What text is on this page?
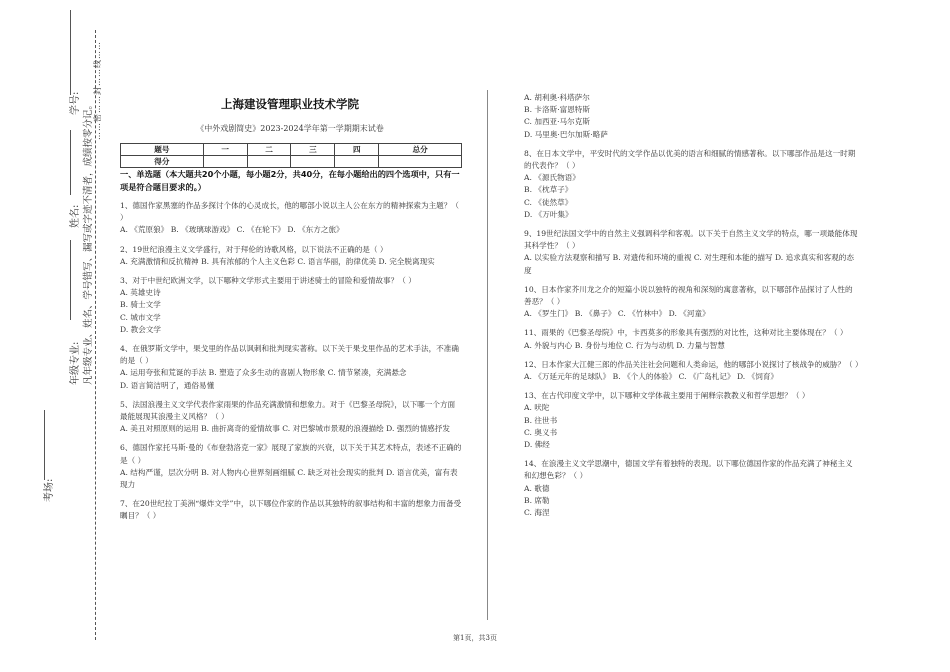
学号:
姓名:
年级专业:
考场:
凡年级专业、姓名、学号错写、漏写或字迹不清者，成绩按零分记。
……密……封……线……	上海建设管理职业技术学院
《中外戏剧简史》2023-2024学年第一学期期末试卷
题号	一	二	三	四	总分
得分					

一、单选题（本大题共20个小题，每小题2分，共40分，在每小题给出的四个选项中，只有一项是符合题目要求的。）

1、德国作家黑塞的作品多探讨个体的心灵成长，他的哪部小说以主人公在东方的精神探索为主题？（ ）

A. 《荒原狼》 B. 《玻璃球游戏》 C. 《在轮下》 D. 《东方之旅》

2、19世纪浪漫主义文学盛行，对于拜伦的诗歌风格，以下说法不正确的是（ ）

A. 充满激情和反抗精神 B. 具有浓郁的个人主义色彩 C. 语言华丽，韵律优美 D. 完全脱离现实

3、对于中世纪欧洲文学，以下哪种文学形式主要用于讲述骑士的冒险和爱情故事？（ ）

A. 英雄史诗

B. 骑士文学

C. 城市文学

D. 教会文学

4、在俄罗斯文学中，果戈里的作品以讽刺和批判现实著称。以下关于果戈里作品的艺术手法，不准确的是（ ）

A. 运用夸张和荒诞的手法 B. 塑造了众多生动的喜剧人物形象 C. 情节紧凑，充满悬念

D. 语言简洁明了，通俗易懂

5、法国浪漫主义文学代表作家雨果的作品充满激情和想象力。对于《巴黎圣母院》，以下哪一个方面最能展现其浪漫主义风格？（ ）

A. 美丑对照原则的运用 B. 曲折离奇的爱情故事 C. 对巴黎城市景观的浪漫描绘 D. 强烈的情感抒发

6、德国作家托马斯·曼的《布登勃洛克一家》展现了家族的兴衰，以下关于其艺术特点，表述不正确的是（ ）

A. 结构严谨，层次分明 B. 对人物内心世界刻画细腻 C. 缺乏对社会现实的批判 D. 语言优美，富有表现力

7、在20世纪拉丁美洲“爆炸文学”中，以下哪位作家的作品以其独特的叙事结构和丰富的想象力而备受瞩目？（ ）

A. 胡利奥·科塔萨尔

B. 卡洛斯·富恩特斯

C. 加西亚·马尔克斯

D. 马里奥·巴尔加斯·略萨

8、在日本文学中，平安时代的文学作品以优美的语言和细腻的情感著称。以下哪部作品是这一时期的代表作？（ ）

A. 《源氏物语》

B. 《枕草子》

C. 《徒然草》

D. 《万叶集》

9、19世纪法国文学中的自然主义强调科学和客观。以下关于自然主义文学的特点，哪一项最能体现其科学性？（ ）

A. 以实验方法观察和描写 B. 对遗传和环境的重视 C. 对生理和本能的描写 D. 追求真实和客观的态度

10、日本作家芥川龙之介的短篇小说以独特的视角和深刻的寓意著称，以下哪部作品探讨了人性的善恶？（ ）

A. 《罗生门》 B. 《鼻子》 C. 《竹林中》 D. 《河童》

11、雨果的《巴黎圣母院》中，卡西莫多的形象具有强烈的对比性，这种对比主要体现在？（ ）

A. 外貌与内心 B. 身份与地位 C. 行为与动机 D. 力量与智慧

12、日本作家大江健三郎的作品关注社会问题和人类命运，他的哪部小说探讨了核战争的威胁？（ ）

A. 《万延元年的足球队》 B. 《个人的体验》 C. 《广岛札记》 D. 《饲育》

13、在古代印度文学中，以下哪种文学体裁主要用于阐释宗教教义和哲学思想？（ ）

A. 吠陀

B. 往世书

C. 奥义书

D. 佛经

14、在浪漫主义文学思潮中，德国文学有着独特的表现。以下哪位德国作家的作品充满了神秘主义和幻想色彩？（ ）

A. 歌德

B. 席勒

C. 海涅

第1页，共3页
